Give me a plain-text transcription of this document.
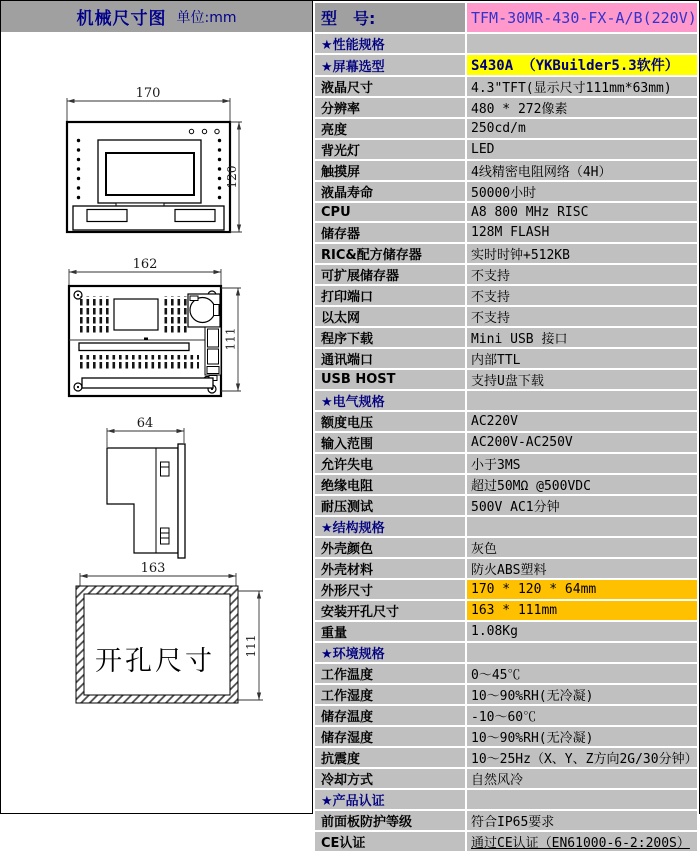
机械尺寸图 单位:mm
170
120
162
111
64
163
开孔尺寸 111
型　号:	TFM-30MR-430-FX-A/B(220V)
★性能规格	
★屏幕选型	S430A （YKBuilder5.3软件）
液晶尺寸	4.3"TFT(显示尺寸111mm*63mm)
分辨率	480 * 272像素
亮度	250cd/m
背光灯	LED
触摸屏	4线精密电阻网络（4H）
液晶寿命	50000小时
CPU	A8 800 MHz RISC
储存器	128M FLASH
RIC&配方储存器	实时时钟+512KB
可扩展储存器	不支持
打印端口	不支持
以太网	不支持
程序下载	Mini USB 接口
通讯端口	内部TTL
USB HOST	支持U盘下载
★电气规格	
额度电压	AC220V
输入范围	AC200V-AC250V
允许失电	小于3MS
绝缘电阻	超过50MΩ @500VDC
耐压测试	500V AC1分钟
★结构规格	
外壳颜色	灰色
外壳材料	防火ABS塑料
外形尺寸	170 * 120 * 64mm
安装开孔尺寸	163 * 111mm
重量	1.08Kg
★环境规格	
工作温度	0～45℃
工作湿度	10～90%RH(无冷凝)
储存温度	-10～60℃
储存湿度	10～90%RH(无冷凝)
抗震度	10～25Hz（X、Y、Z方向2G/30分钟）
冷却方式	自然风冷
★产品认证	
前面板防护等级	符合IP65要求
CE认证	通过CE认证（EN61000-6-2:200S）
